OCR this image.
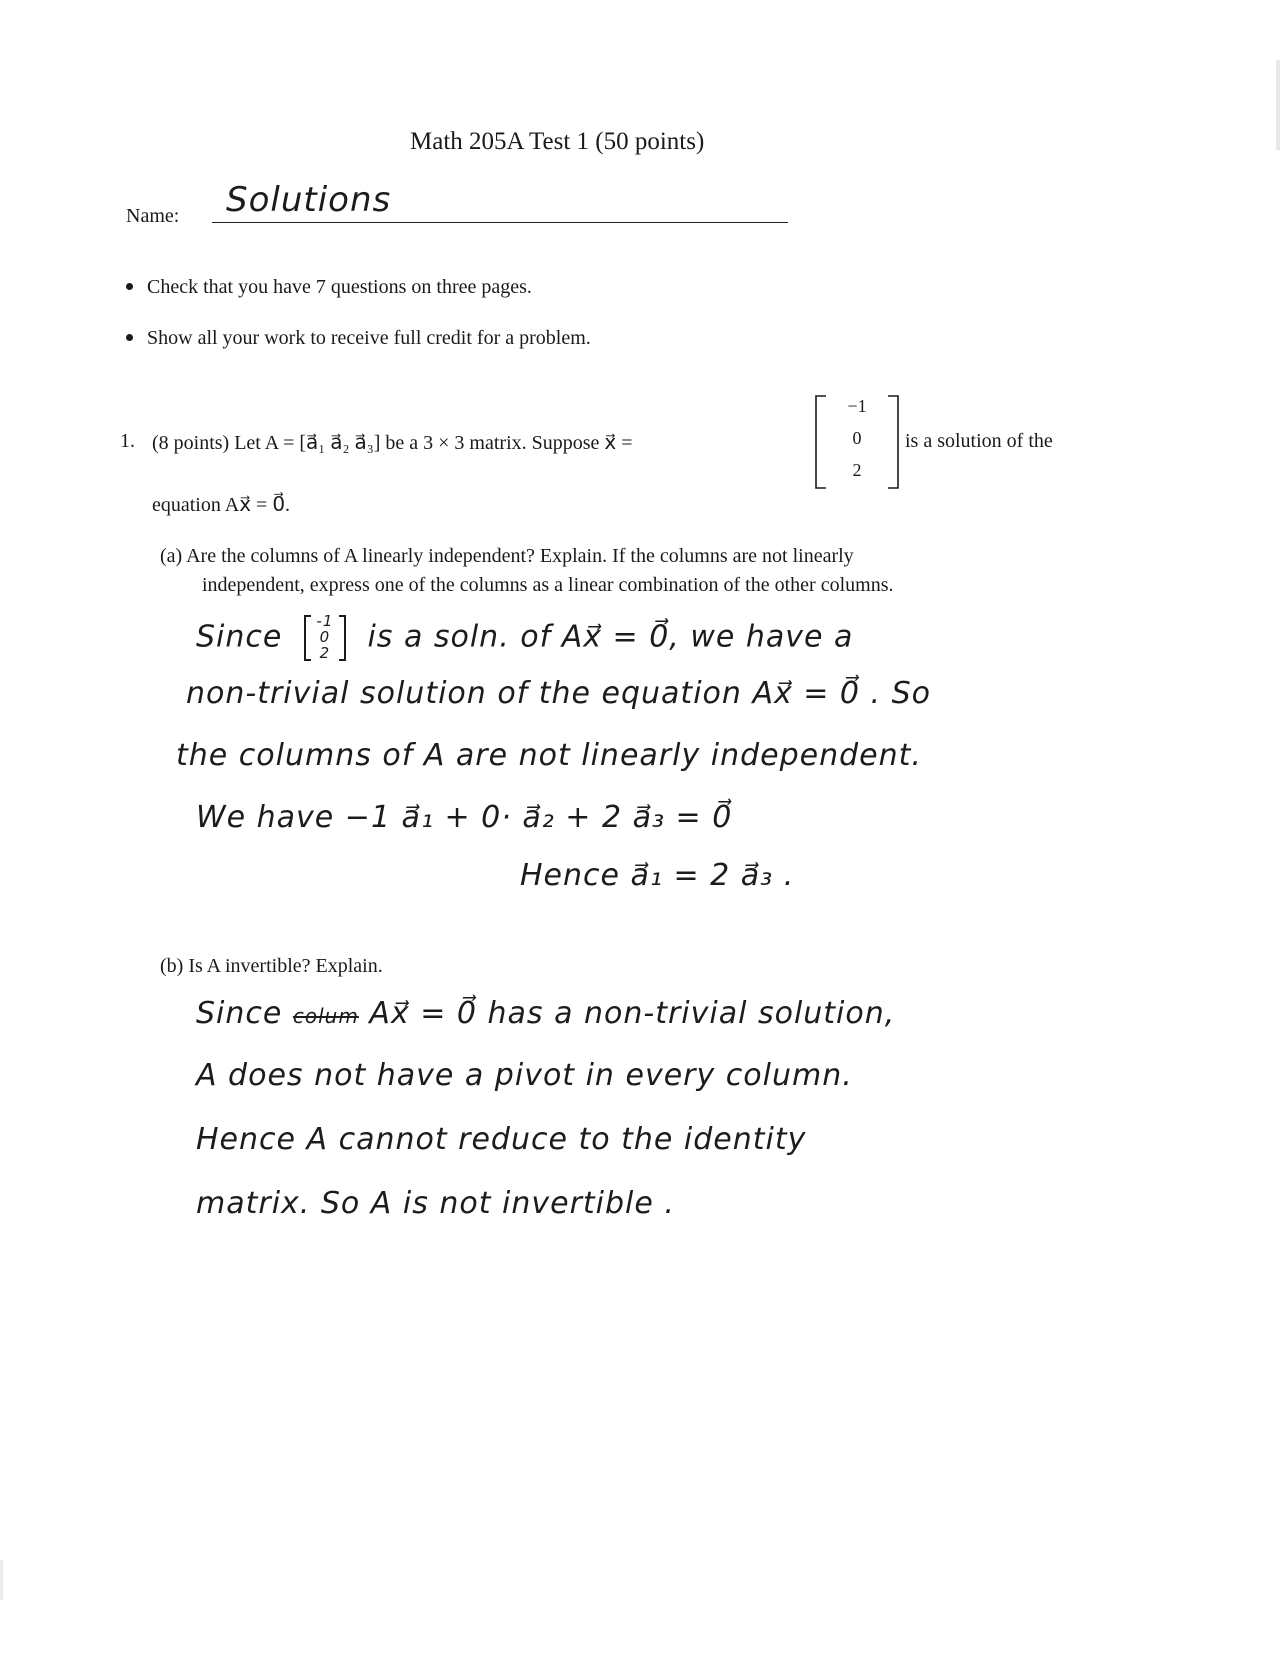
Math 205A Test 1 (50 points)
Name: Solutions
Check that you have 7 questions on three pages.
Show all your work to receive full credit for a problem.
1. (8 points) Let A = [a⃗₁ a⃗₂ a⃗₃] be a 3 × 3 matrix. Suppose x⃗ =
−1
0
2
is a solution of the
equation Ax⃗ = 0⃗.
(a) Are the columns of A linearly independent? Explain. If the columns are not linearly
independent, express one of the columns as a linear combination of the other columns.
Since -1
0
2 is a soln. of Ax⃗ = 0⃗, we have a
non-trivial solution of the equation Ax⃗ = 0⃗ . So
the columns of A are not linearly independent.
We have −1 a⃗₁ + 0· a⃗₂ + 2 a⃗₃ = 0⃗
Hence a⃗₁ = 2 a⃗₃ .
(b) Is A invertible? Explain.
Since colum Ax⃗ = 0⃗ has a non-trivial solution,
A does not have a pivot in every column.
Hence A cannot reduce to the identity
matrix. So A is not invertible .
